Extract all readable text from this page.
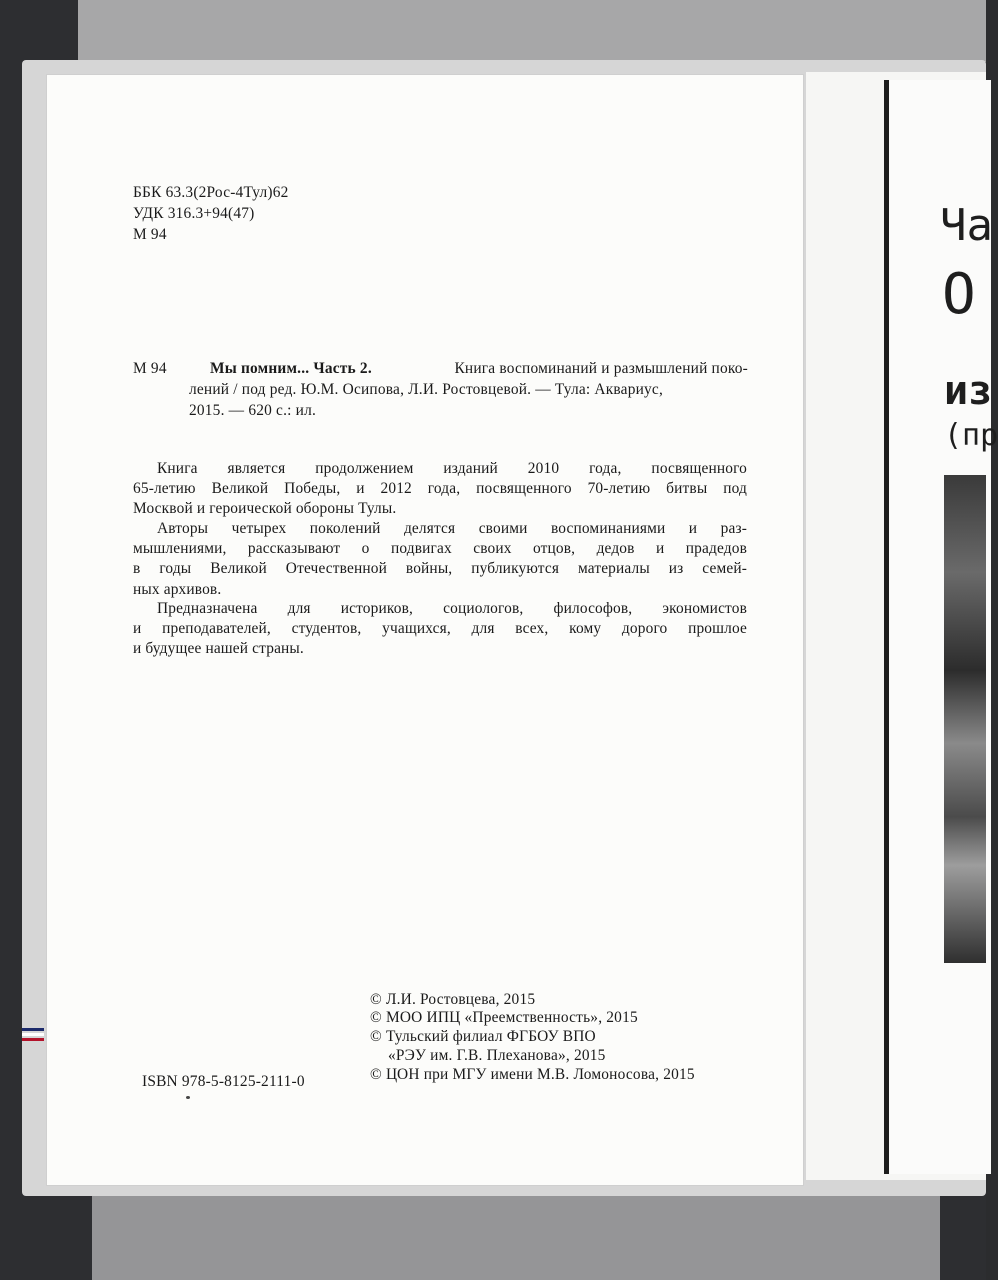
Ча
О
из
(пр
ББК 63.3(2Рос-4Тул)62
УДК 316.3+94(47)
М 94
М 94	Мы помним... Часть 2.	Книга воспоминаний и размышлений поко-
лений / под ред. Ю.М. Осипова, Л.И. Ростовцевой. — Тула: Аквариус,
2015. — 620 с.: ил.
Книга является продолжением изданий 2010 года, посвященного
65-летию Великой Победы, и 2012 года, посвященного 70-летию битвы под
Москвой и героической обороны Тулы.
Авторы четырех поколений делятся своими воспоминаниями и раз-
мышлениями, рассказывают о подвигах своих отцов, дедов и прадедов
в годы Великой Отечественной войны, публикуются материалы из семей-
ных архивов.
Предназначена для историков, социологов, философов, экономистов
и преподавателей, студентов, учащихся, для всех, кому дорого прошлое
и будущее нашей страны.
© Л.И. Ростовцева, 2015
© МОО ИПЦ «Преемственность», 2015
© Тульский филиал ФГБОУ ВПО
«РЭУ им. Г.В. Плеханова», 2015
© ЦОН при МГУ имени М.В. Ломоносова, 2015
ISBN 978-5-8125-2111-0
